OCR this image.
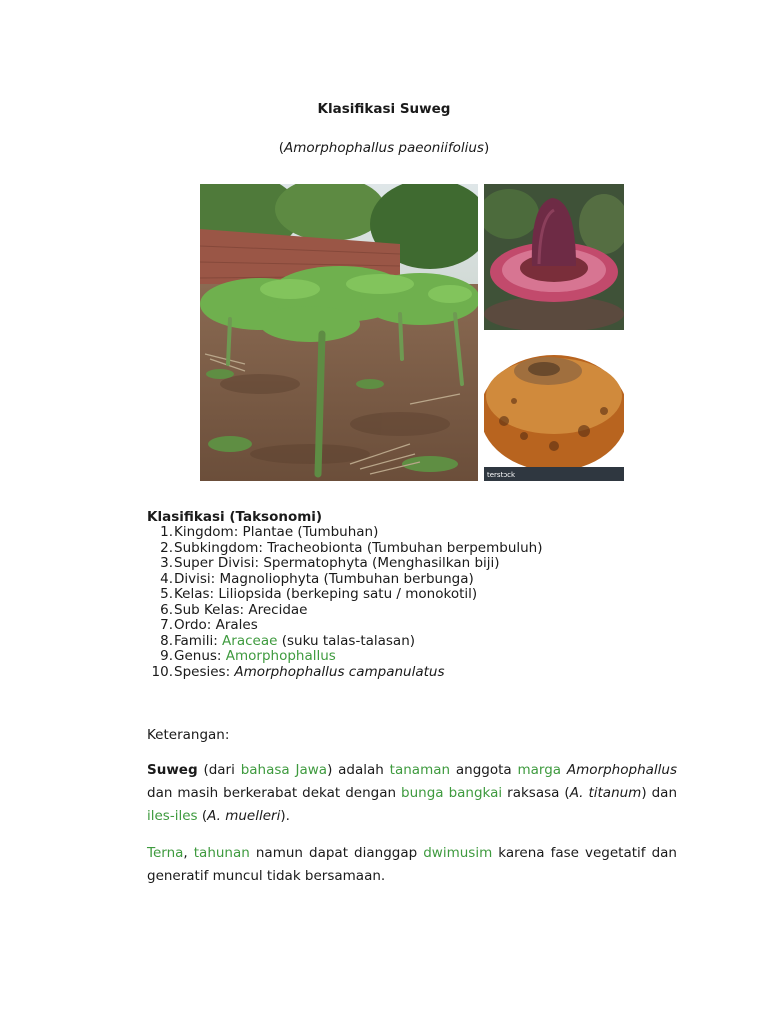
Klasifikasi Suweg
(Amorphophallus paeoniifolius)
terstɔck
Klasifikasi (Taksonomi)
1. Kingdom: Plantae (Tumbuhan)
2. Subkingdom: Tracheobionta (Tumbuhan berpembuluh)
3. Super Divisi: Spermatophyta (Menghasilkan biji)
4. Divisi: Magnoliophyta (Tumbuhan berbunga)
5. Kelas: Liliopsida (berkeping satu / monokotil)
6. Sub Kelas: Arecidae
7. Ordo: Arales
8. Famili: Araceae (suku talas-talasan)
9. Genus: Amorphophallus
10. Spesies: Amorphophallus campanulatus
Keterangan:
Suweg (dari bahasa Jawa) adalah tanaman anggota marga Amorphophallus dan masih berkerabat dekat dengan bunga bangkai raksasa (A. titanum) dan iles-iles (A. muelleri).
Terna, tahunan namun dapat dianggap dwimusim karena fase vegetatif dan generatif muncul tidak bersamaan.
